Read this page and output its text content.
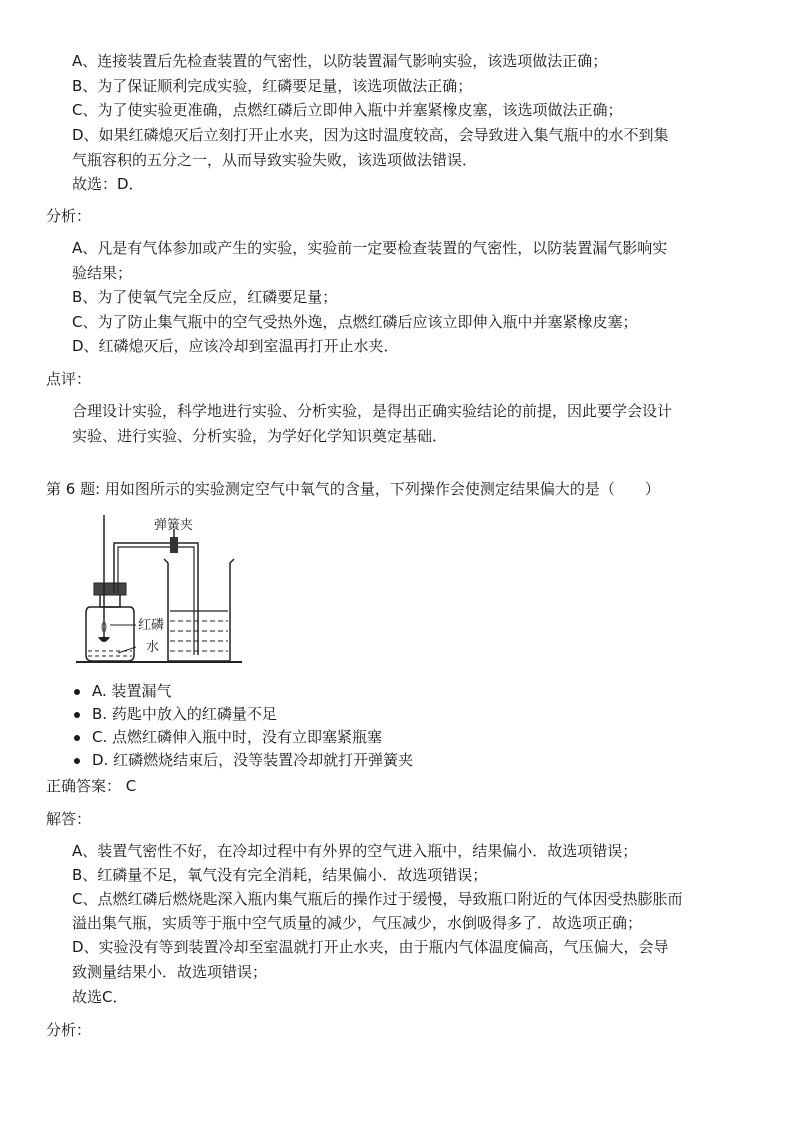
A、连接装置后先检查装置的气密性，以防装置漏气影响实验，该选项做法正确；
B、为了保证顺利完成实验，红磷要足量，该选项做法正确；
C、为了使实验更准确，点燃红磷后立即伸入瓶中并塞紧橡皮塞，该选项做法正确；
D、如果红磷熄灭后立刻打开止水夹，因为这时温度较高，会导致进入集气瓶中的水不到集
气瓶容积的五分之一，从而导致实验失败，该选项做法错误．
故选：D．
分析：
A、凡是有气体参加或产生的实验，实验前一定要检查装置的气密性，以防装置漏气影响实
验结果；
B、为了使氧气完全反应，红磷要足量；
C、为了防止集气瓶中的空气受热外逸，点燃红磷后应该立即伸入瓶中并塞紧橡皮塞；
D、红磷熄灭后，应该冷却到室温再打开止水夹．
点评：
合理设计实验，科学地进行实验、分析实验，是得出正确实验结论的前提，因此要学会设计
实验、进行实验、分析实验，为学好化学知识奠定基础．
第 6 题: 用如图所示的实验测定空气中氧气的含量，下列操作会使测定结果偏大的是（　　）
弹簧夹
红磷
水
A. 装置漏气
B. 药匙中放入的红磷量不足
C. 点燃红磷伸入瓶中时，没有立即塞紧瓶塞
D. 红磷燃烧结束后，没等装置冷却就打开弹簧夹
正确答案： C
解答：
A、装置气密性不好，在冷却过程中有外界的空气进入瓶中，结果偏小．故选项错误；
B、红磷量不足，氧气没有完全消耗，结果偏小．故选项错误；
C、点燃红磷后燃烧匙深入瓶内集气瓶后的操作过于缓慢，导致瓶口附近的气体因受热膨胀而
溢出集气瓶，实质等于瓶中空气质量的减少，气压减少，水倒吸得多了．故选项正确；
D、实验没有等到装置冷却至室温就打开止水夹，由于瓶内气体温度偏高，气压偏大，会导
致测量结果小．故选项错误；
故选C．
分析：
